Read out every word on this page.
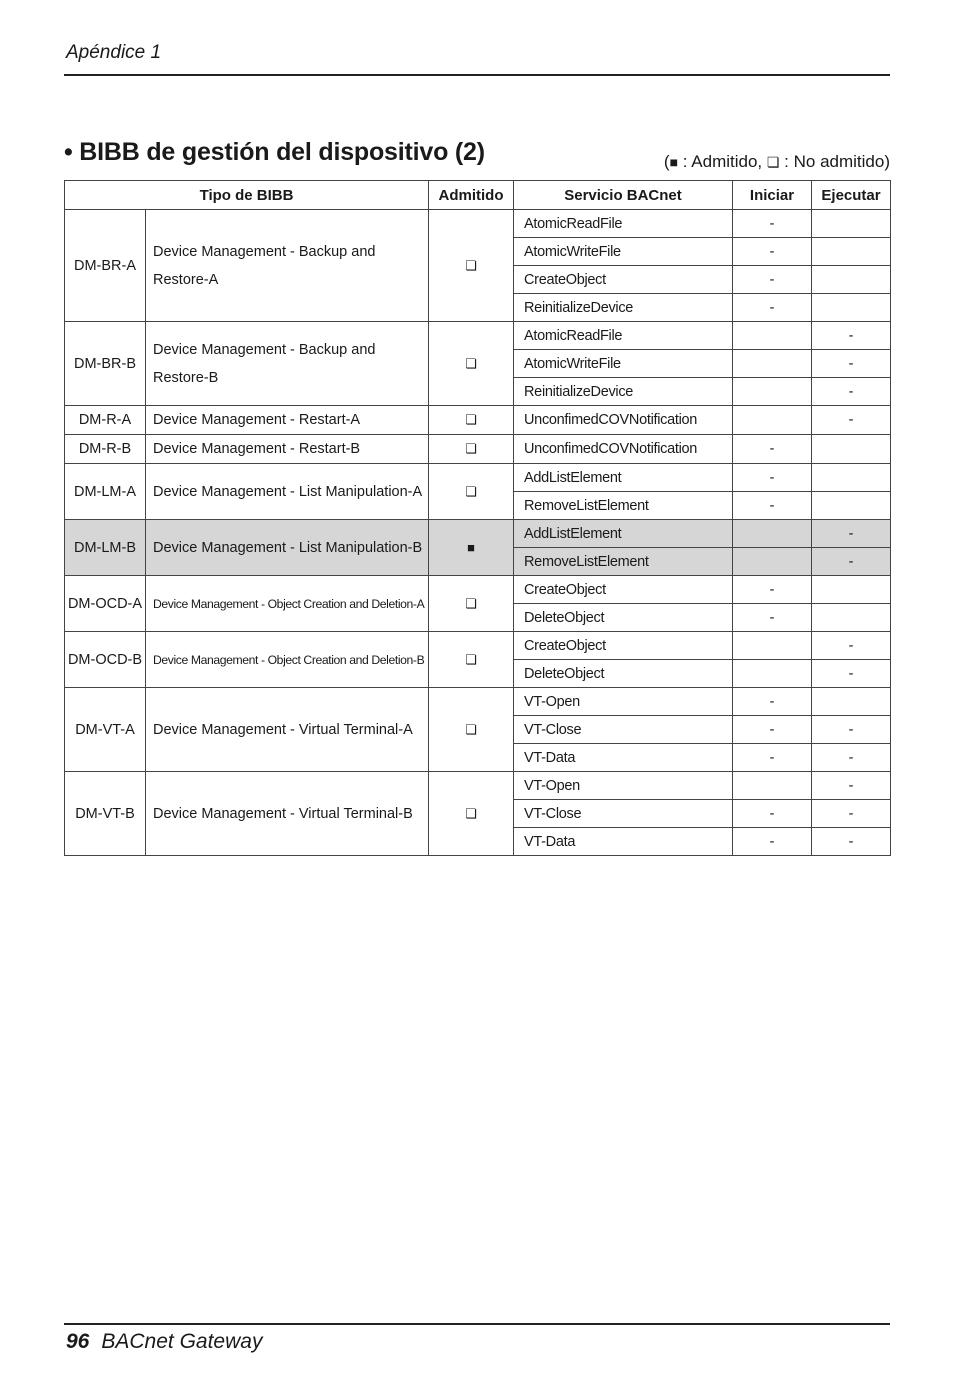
Apéndice 1
• BIBB de gestión del dispositivo (2)	(■ : Admitido, ❏ : No admitido)
Tipo de BIBB		Admitido	Servicio BACnet	Iniciar	Ejecutar
DM-BR-A	Device Management - Backup and Restore-A	❏	AtomicReadFile	-	
			AtomicWriteFile	-	
			CreateObject	-	
			ReinitializeDevice	-	
DM-BR-B	Device Management - Backup and Restore-B	❏	AtomicReadFile		-
			AtomicWriteFile		-
			ReinitializeDevice		-
DM-R-A	Device Management - Restart-A	❏	UnconfimedCOVNotification		-
DM-R-B	Device Management - Restart-B	❏	UnconfimedCOVNotification	-	
DM-LM-A	Device Management - List Manipulation-A	❏	AddListElement	-	
			RemoveListElement	-	
DM-LM-B	Device Management - List Manipulation-B	■	AddListElement		-
			RemoveListElement		-
DM-OCD-A	Device Management - Object Creation and Deletion-A	❏	CreateObject	-	
			DeleteObject	-	
DM-OCD-B	Device Management - Object Creation and Deletion-B	❏	CreateObject		-
			DeleteObject		-
DM-VT-A	Device Management - Virtual Terminal-A	❏	VT-Open	-	
			VT-Close	-	-
			VT-Data	-	-
DM-VT-B	Device Management - Virtual Terminal-B	❏	VT-Open		-
			VT-Close	-	-
			VT-Data	-	-
96 BACnet Gateway
